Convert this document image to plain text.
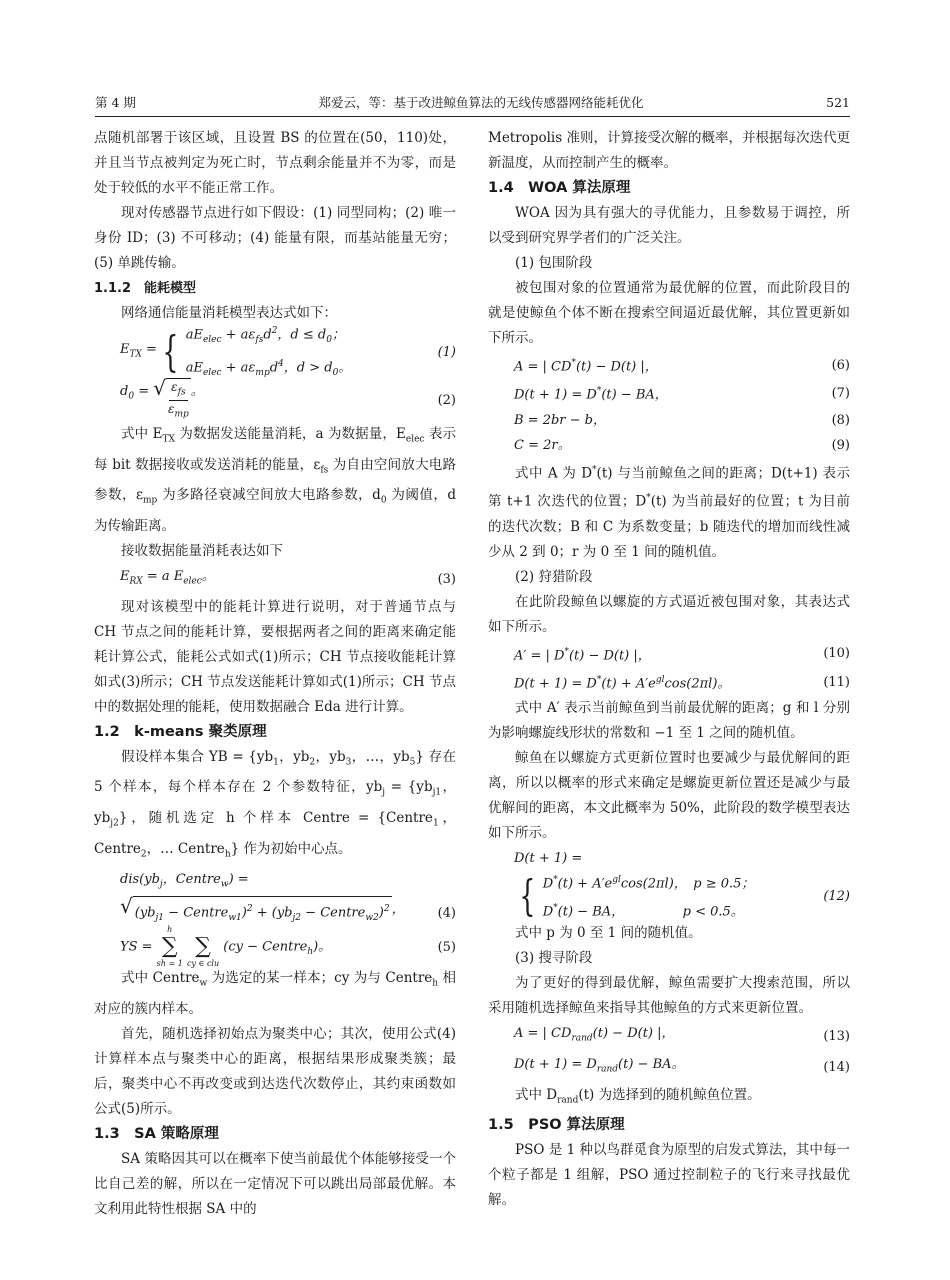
第 4 期	郑爱云，等：基于改进鲸鱼算法的无线传感器网络能耗优化	521

点随机部署于该区域，且设置 BS 的位置在(50，110)处，并且当节点被判定为死亡时，节点剩余能量并不为零，而是处于较低的水平不能正常工作。

现对传感器节点进行如下假设：(1) 同型同构；(2) 唯一身份 ID；(3) 不可移动；(4) 能量有限，而基站能量无穷；(5) 单跳传输。

1.1.2　能耗模型

网络通信能量消耗模型表达式如下：

$E_{TX}$ = { $aE_{elec} + a\varepsilon_{fs}d^2$，$d \le d_0$；
$aE_{elec} + a\varepsilon_{mp}d^4$，$d > d_0$。
(1)
$d_0$ = √ $\frac{\varepsilon_{fs}}{\varepsilon_{mp}}$ 。
(2)

式中 $E_{TX}$ 为数据发送能量消耗，a 为数据量，$E_{elec}$ 表示每 bit 数据接收或发送消耗的能量，$\varepsilon_{fs}$ 为自由空间放大电路参数，$\varepsilon_{mp}$ 为多路径衰减空间放大电路参数，$d_0$ 为阈值，d 为传输距离。

接收数据能量消耗表达如下

$E_{RX} = a$ $E_{elec}$。	(3)

现对该模型中的能耗计算进行说明，对于普通节点与 CH 节点之间的能耗计算，要根据两者之间的距离来确定能耗计算公式，能耗公式如式(1)所示；CH 节点接收能耗计算如式(3)所示；CH 节点发送能耗计算如式(1)所示；CH 节点中的数据处理的能耗，使用数据融合 Eda 进行计算。

1.2　k-means 聚类原理

假设样本集合 YB = {$yb_1$，$yb_2$，$yb_3$，…，$yb_5$} 存在 5 个样本，每个样本存在 2 个参数特征，$yb_j = \{yb_{j1}$，$yb_{j2}$}，随机选定 h 个样本 Centre = {Centre$_1$，Centre$_2$，… Centre$_h$} 作为初始中心点。

$dis(yb_j$，Centre$_w$) =
√ ($yb_{j1}$ − Centre$_{w1}$)$^2$ + ($yb_{j2}$ − Centre$_{w2}$)$^2$ ，	(4)
YS =
h
∑
sh = 1

∑
cy ∈ clu
(cy − Centre$_h$)。	(5)

式中 Centre$_w$ 为选定的某一样本；cy 为与 Centre$_h$ 相对应的簇内样本。

首先，随机选择初始点为聚类中心；其次，使用公式(4)计算样本点与聚类中心的距离，根据结果形成聚类簇；最后，聚类中心不再改变或到达迭代次数停止，其约束函数如公式(5)所示。

1.3　SA 策略原理

SA 策略因其可以在概率下使当前最优个体能够接受一个比自己差的解，所以在一定情况下可以跳出局部最优解。本文利用此特性根据 SA 中的

Metropolis 准则，计算接受次解的概率，并根据每次迭代更新温度，从而控制产生的概率。

1.4　WOA 算法原理

WOA 因为具有强大的寻优能力，且参数易于调控，所以受到研究界学者们的广泛关注。

(1) 包围阶段

被包围对象的位置通常为最优解的位置，而此阶段目的就是使鲸鱼个体不断在搜索空间逼近最优解，其位置更新如下所示。

A = | CD*(t) − D(t) |，	(6)
D(t + 1) = D*(t) − BA，	(7)
B = 2br − b，	(8)
C = 2r。	(9)

式中 A 为 D*(t) 与当前鲸鱼之间的距离；D(t+1) 表示第 t+1 次迭代的位置；D*(t) 为当前最好的位置；t 为目前的迭代次数；B 和 C 为系数变量；b 随迭代的增加而线性减少从 2 到 0；r 为 0 至 1 间的随机值。

(2) 狩猎阶段

在此阶段鲸鱼以螺旋的方式逼近被包围对象，其表达式如下所示。

A′ = | D*(t) − D(t) |，	(10)
$D(t + 1) = D^*(t) + A'e^{gl}\cos(2\pi l)$。	(11)

式中 A′ 表示当前鲸鱼到当前最优解的距离；g 和 l 分别为影响螺旋线形状的常数和 −1 至 1 之间的随机值。

鲸鱼在以螺旋方式更新位置时也要减少与最优解间的距离，所以以概率的形式来确定是螺旋更新位置还是减少与最优解间的距离，本文此概率为 50%，此阶段的数学模型表达如下所示。

D(t + 1) =
{ $D^*(t) + A'e^{gl}\cos(2\pi l)$，　p ≥ 0.5；
D*(t) − BA，　　　　　p < 0.5。
(12)

式中 p 为 0 至 1 间的随机值。

(3) 搜寻阶段

为了更好的得到最优解，鲸鱼需要扩大搜索范围，所以采用随机选择鲸鱼来指导其他鲸鱼的方式来更新位置。

A = | $CD_{rand}(t) - D(t)$ |，	(13)
$D(t + 1) = D_{rand}(t)$ − BA。	(14)

式中 $D_{rand}(t)$ 为选择到的随机鲸鱼位置。

1.5　PSO 算法原理

PSO 是 1 种以鸟群觅食为原型的启发式算法，其中每一个粒子都是 1 组解，PSO 通过控制粒子的飞行来寻找最优解。
